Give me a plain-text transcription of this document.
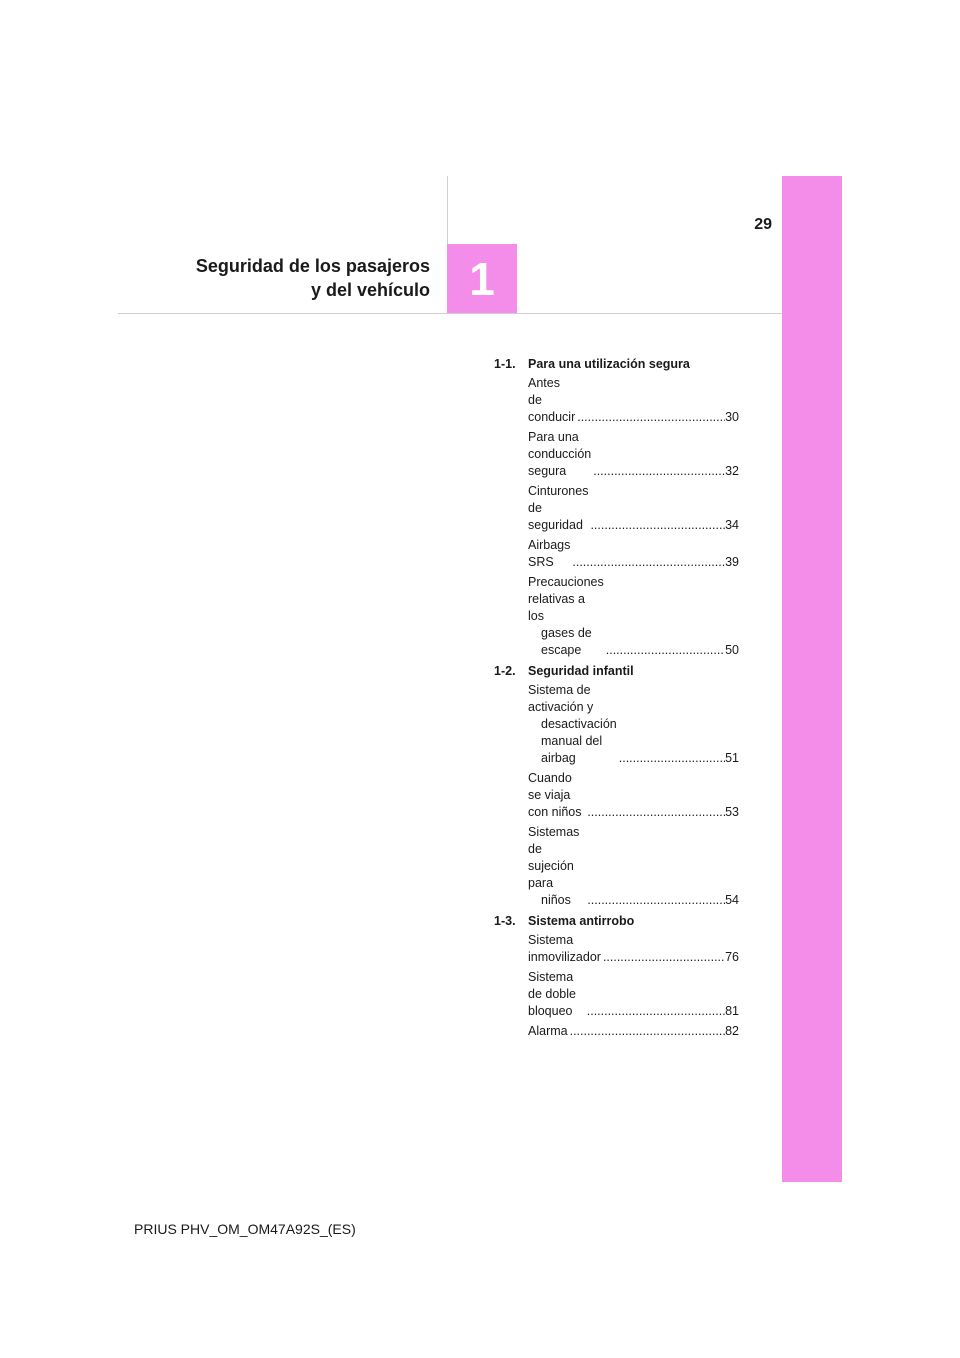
1
29
Seguridad de los pasajeros
y del vehículo
1-1. Para una utilización segura
Antes de conducir .....	30
Para una conducción segura .....	32
Cinturones de seguridad .....	34
Airbags SRS .....	39
Precauciones relativas a los
gases de escape .....	50
1-2. Seguridad infantil
Sistema de activación y
desactivación manual del
airbag .....	51
Cuando se viaja con niños .....	53
Sistemas de sujeción para
niños .....	54
1-3. Sistema antirrobo
Sistema inmovilizador .....	76
Sistema de doble bloqueo .....	81
Alarma .....	82
PRIUS PHV_OM_OM47A92S_(ES)
